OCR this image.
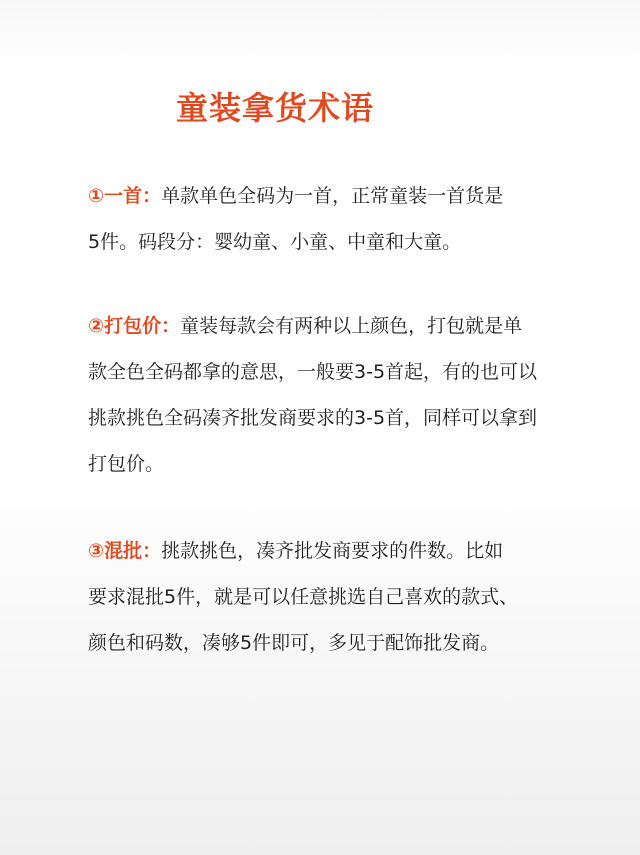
童装拿货术语
①一首：单款单色全码为一首，正常童装一首货是
5件。码段分：婴幼童、小童、中童和大童。
②打包价：童装每款会有两种以上颜色，打包就是单
款全色全码都拿的意思，一般要3-5首起，有的也可以
挑款挑色全码凑齐批发商要求的3-5首，同样可以拿到
打包价。
③混批：挑款挑色，凑齐批发商要求的件数。比如
要求混批5件，就是可以任意挑选自己喜欢的款式、
颜色和码数，凑够5件即可，多见于配饰批发商。
